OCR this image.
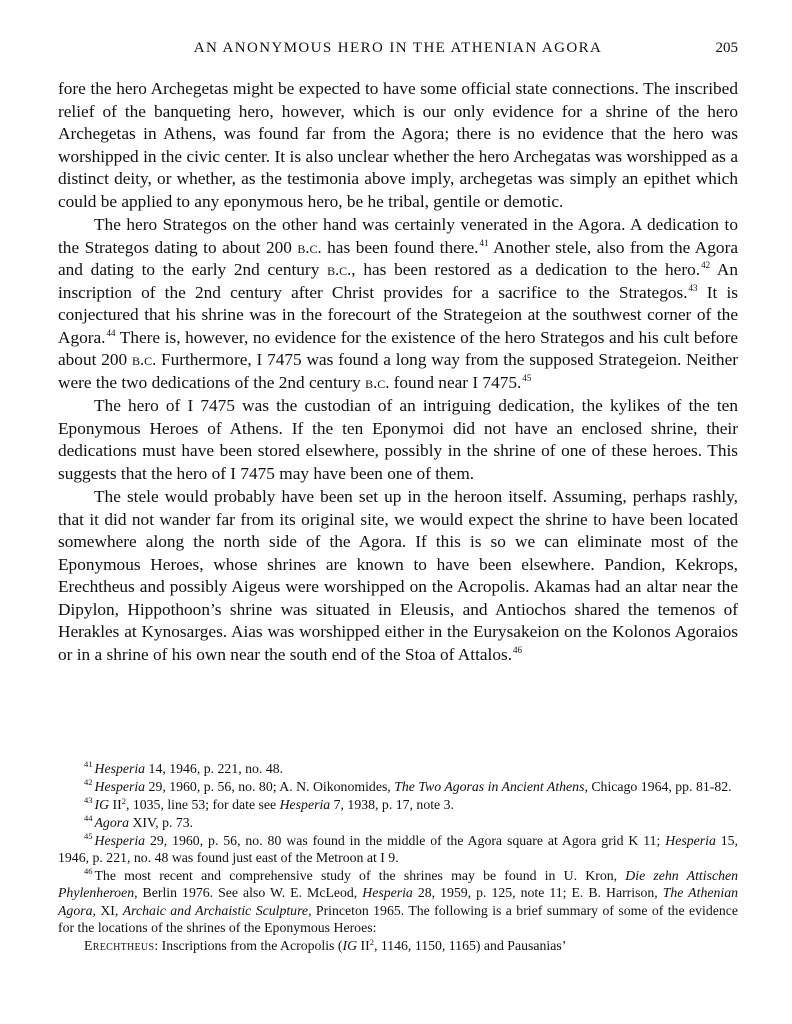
AN ANONYMOUS HERO IN THE ATHENIAN AGORA	205

fore the hero Archegetas might be expected to have some official state connections. The inscribed relief of the banqueting hero, however, which is our only evidence for a shrine of the hero Archegetas in Athens, was found far from the Agora; there is no evidence that the hero was worshipped in the civic center. It is also unclear whether the hero Archegatas was worshipped as a distinct deity, or whether, as the testimonia above imply, archegetas was simply an epithet which could be applied to any eponymous hero, be he tribal, gentile or demotic.

The hero Strategos on the other hand was certainly venerated in the Agora. A dedication to the Strategos dating to about 200 b.c. has been found there.$^{41}$ Another stele, also from the Agora and dating to the early 2nd century b.c., has been restored as a dedication to the hero.$^{42}$ An inscription of the 2nd century after Christ provides for a sacrifice to the Strategos.$^{43}$ It is conjectured that his shrine was in the forecourt of the Strategeion at the southwest corner of the Agora.$^{44}$ There is, however, no evidence for the existence of the hero Strategos and his cult before about 200 b.c. Furthermore, I 7475 was found a long way from the supposed Strategeion. Neither were the two dedications of the 2nd century b.c. found near I 7475.45

The hero of I 7475 was the custodian of an intriguing dedication, the kylikes of the ten Eponymous Heroes of Athens. If the ten Eponymoi did not have an enclosed shrine, their dedications must have been stored elsewhere, possibly in the shrine of one of these heroes. This suggests that the hero of I 7475 may have been one of them.

The stele would probably have been set up in the heroon itself. Assuming, perhaps rashly, that it did not wander far from its original site, we would expect the shrine to have been located somewhere along the north side of the Agora. If this is so we can eliminate most of the Eponymous Heroes, whose shrines are known to have been elsewhere. Pandion, Kekrops, Erechtheus and possibly Aigeus were worshipped on the Acropolis. Akamas had an altar near the Dipylon, Hippothoon’s shrine was situated in Eleusis, and Antiochos shared the temenos of Herakles at Kynosarges. Aias was worshipped either in the Eurysakeion on the Kolonos Agoraios or in a shrine of his own near the south end of the Stoa of Attalos.$^{46}$

$^{41}$ Hesperia 14, 1946, p. 221, no. 48.

$^{42}$ Hesperia 29, 1960, p. 56, no. 80; A. N. Oikonomides, The Two Agoras in Ancient Athens, Chicago 1964, pp. 81-82.

$^{43}$ IG $II^2$, 1035, line 53; for date see Hesperia 7, 1938, p. 17, note 3.

$^{44}$ Agora XIV, p. 73.

$^{45}$ Hesperia 29, 1960, p. 56, no. 80 was found in the middle of the Agora square at Agora grid K 11; Hesperia 15, 1946, p. 221, no. 48 was found just east of the Metroon at I 9.

$^{46}$ The most recent and comprehensive study of the shrines may be found in U. Kron, Die zehn Attischen Phylenheroen, Berlin 1976. See also W. E. McLeod, Hesperia 28, 1959, p. 125, note 11; E. B. Harrison, The Athenian Agora, XI, Archaic and Archaistic Sculpture, Princeton 1965. The following is a brief summary of some of the evidence for the locations of the shrines of the Eponymous Heroes:

Erechtheus: Inscriptions from the Acropolis (IG $II^2$, 1146, 1150, 1165) and Pausanias’
